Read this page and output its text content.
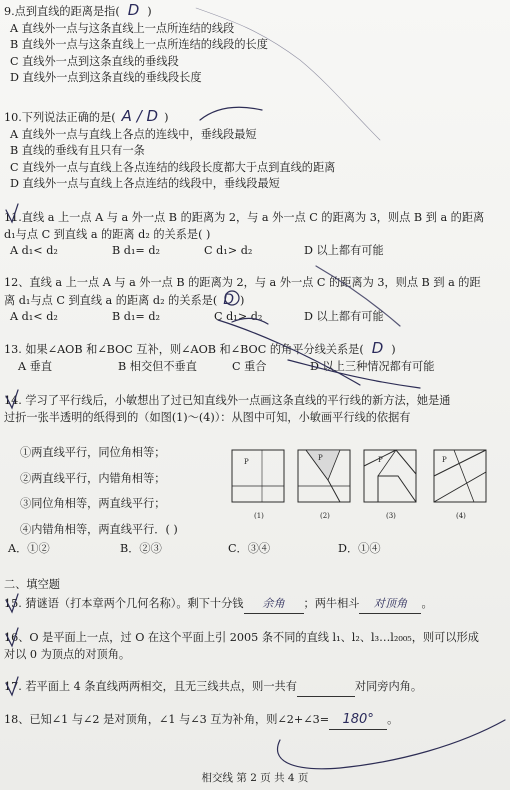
9.点到直线的距离是指( D )
A 直线外一点与这条直线上一点所连结的线段
B 直线外一点与这条直线上一点所连结的线段的长度
C 直线外一点到这条直线的垂线段
D 直线外一点到这条直线的垂线段长度
10.下列说法正确的是( A / D )
A 直线外一点与直线上各点的连线中，垂线段最短
B 直线的垂线有且只有一条
C 直线外一点与直线上各点连结的线段长度都大于点到直线的距离
D 直线外一点与直线上各点连结的线段中，垂线段最短
11.直线 a 上一点 A 与 a 外一点 B 的距离为 2，与 a 外一点 C 的距离为 3，则点 B 到 a 的距离
d₁与点 C 到直线 a 的距离 d₂ 的关系是( )
A d₁< d₂	B d₁= d₂	C d₁> d₂	D 以上都有可能
12、直线 a 上一点 A 与 a 外一点 B 的距离为 2，与 a 外一点 C 的距离为 3，则点 B 到 a 的距
离 d₁与点 C 到直线 a 的距离 d₂ 的关系是( D )
A d₁< d₂	B d₁= d₂	C d₁> d₂	D 以上都有可能
13. 如果∠AOB 和∠BOC 互补，则∠AOB 和∠BOC 的角平分线关系是( D )
A 垂直	B 相交但不垂直	C 重合	D 以上三种情况都有可能
14. 学习了平行线后，小敏想出了过已知直线外一点画这条直线的平行线的新方法，她是通
过折一张半透明的纸得到的（如图(1)～(4)）：从图中可知，小敏画平行线的依据有
①两直线平行，同位角相等；
②两直线平行，内错角相等；
③同位角相等，两直线平行；
④内错角相等，两直线平行．( )
A．①②	B．②③	C．③④	D．①④
P	P	P	P
(1)	(2)	(3)	(4)
二、填空题
15. 猜谜语（打本章两个几何名称）。剩下十分钱 余角 ；两牛相斗 对顶角 。
16、O 是平面上一点，过 O 在这个平面上引 2005 条不同的直线 l₁、l₂、l₃…l₂₀₀₅，则可以形成
对以 0 为顶点的对顶角。
17. 若平面上 4 条直线两两相交，且无三线共点，则一共有	对同旁内角。
18、已知∠1 与∠2 是对顶角，∠1 与∠3 互为补角，则∠2+∠3= 180° 。
相交线 第 2 页 共 4 页
